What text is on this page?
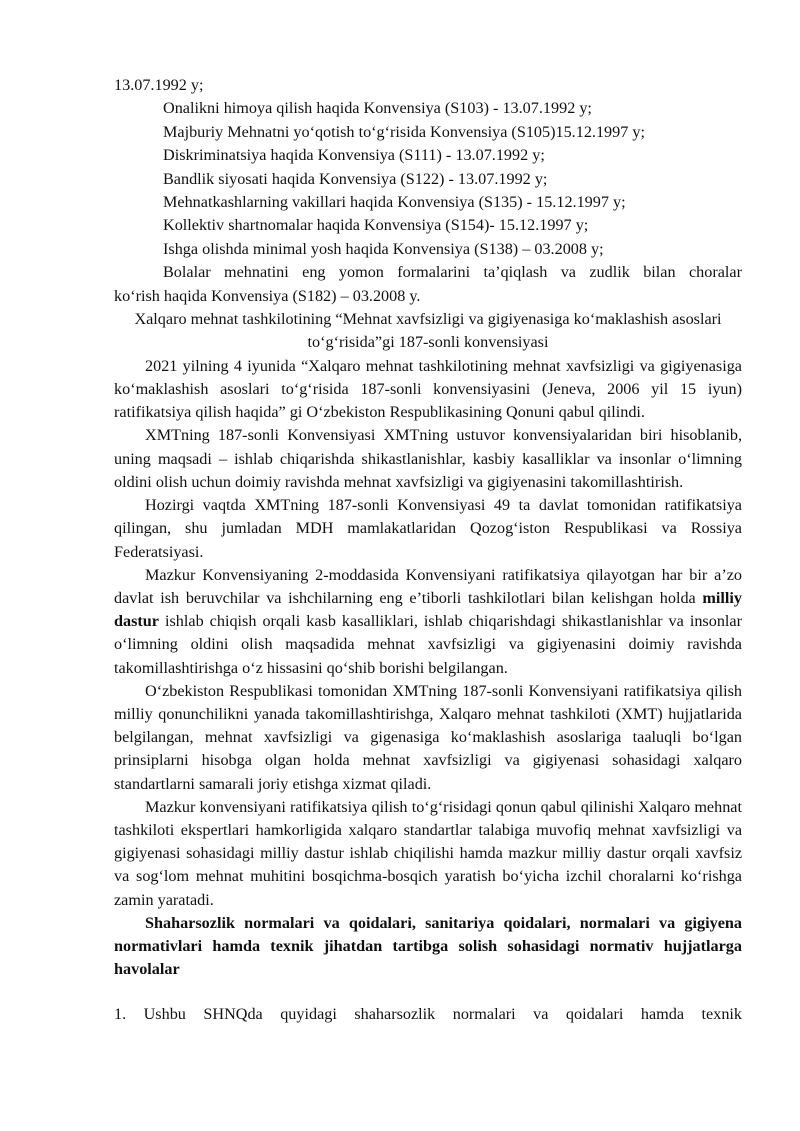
13.07.1992 y;
Onalikni himoya qilish haqida Konvensiya (S103) - 13.07.1992 y;
Majburiy Mehnatni yo‘qotish to‘g‘risida Konvensiya (S105)15.12.1997 y;
Diskriminatsiya haqida Konvensiya (S111) - 13.07.1992 y;
Bandlik siyosati haqida Konvensiya (S122) - 13.07.1992 y;
Mehnatkashlarning vakillari haqida Konvensiya (S135) - 15.12.1997 y;
Kollektiv shartnomalar haqida Konvensiya (S154)- 15.12.1997 y;
Ishga olishda minimal yosh haqida Konvensiya (S138) – 03.2008 y;
Bolalar mehnatini eng yomon formalarini ta’qiqlash va zudlik bilan choralar
ko‘rish haqida Konvensiya (S182) – 03.2008 y.
Xalqaro mehnat tashkilotining “Mehnat xavfsizligi va gigiyenasiga ko‘maklashish asoslari to‘g‘risida”gi 187-sonli konvensiyasi

2021 yilning 4 iyunida “Xalqaro mehnat tashkilotining mehnat xavfsizligi va gigiyenasiga ko‘maklashish asoslari to‘g‘risida 187-sonli konvensiyasini (Jeneva, 2006 yil 15 iyun) ratifikatsiya qilish haqida” gi O‘zbekiston Respublikasining Qonuni qabul qilindi.

XMTning 187-sonli Konvensiyasi XMTning ustuvor konvensiyalaridan biri hisoblanib, uning maqsadi – ishlab chiqarishda shikastlanishlar, kasbiy kasalliklar va insonlar o‘limning oldini olish uchun doimiy ravishda mehnat xavfsizligi va gigiyenasini takomillashtirish.

Hozirgi vaqtda XMTning 187-sonli Konvensiyasi 49 ta davlat tomonidan ratifikatsiya qilingan, shu jumladan MDH mamlakatlaridan Qozog‘iston Respublikasi va Rossiya Federatsiyasi.

Mazkur Konvensiyaning 2-moddasida Konvensiyani ratifikatsiya qilayotgan har bir a’zo davlat ish beruvchilar va ishchilarning eng e’tiborli tashkilotlari bilan kelishgan holda milliy dastur ishlab chiqish orqali kasb kasalliklari, ishlab chiqarishdagi shikastlanishlar va insonlar o‘limning oldini olish maqsadida mehnat xavfsizligi va gigiyenasini doimiy ravishda takomillashtirishga o‘z hissasini qo‘shib borishi belgilangan.

O‘zbekiston Respublikasi tomonidan XMTning 187-sonli Konvensiyani ratifikatsiya qilish milliy qonunchilikni yanada takomillashtirishga, Xalqaro mehnat tashkiloti (XMT) hujjatlarida belgilangan, mehnat xavfsizligi va gigenasiga ko‘maklashish asoslariga taaluqli bo‘lgan prinsiplarni hisobga olgan holda mehnat xavfsizligi va gigiyenasi sohasidagi xalqaro standartlarni samarali joriy etishga xizmat qiladi.

Mazkur konvensiyani ratifikatsiya qilish to‘g‘risidagi qonun qabul qilinishi Xalqaro mehnat tashkiloti ekspertlari hamkorligida xalqaro standartlar talabiga muvofiq mehnat xavfsizligi va gigiyenasi sohasidagi milliy dastur ishlab chiqilishi hamda mazkur milliy dastur orqali xavfsiz va sog‘lom mehnat muhitini bosqichma-bosqich yaratish bo‘yicha izchil choralarni ko‘rishga zamin yaratadi.

Shaharsozlik normalari va qoidalari, sanitariya qoidalari, normalari va gigiyena normativlari hamda texnik jihatdan tartibga solish sohasidagi normativ hujjatlarga havolalar

1. Ushbu SHNQda quyidagi shaharsozlik normalari va qoidalari hamda texnik
